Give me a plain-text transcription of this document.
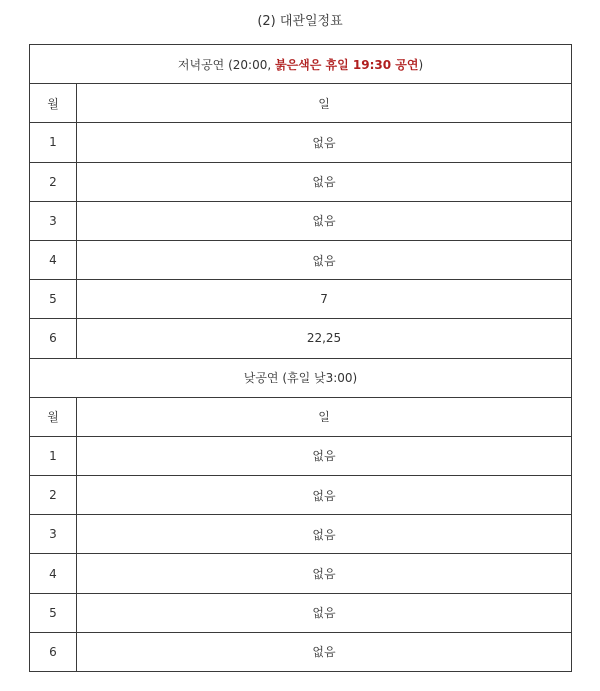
(2) 대관일정표
저녁공연 (20:00, 붉은색은 휴일 19:30 공연)	
월	일
1	없음
2	없음
3	없음
4	없음
5	7
6	22,25
낮공연 (휴일 낮3:00)	
월	일
1	없음
2	없음
3	없음
4	없음
5	없음
6	없음
